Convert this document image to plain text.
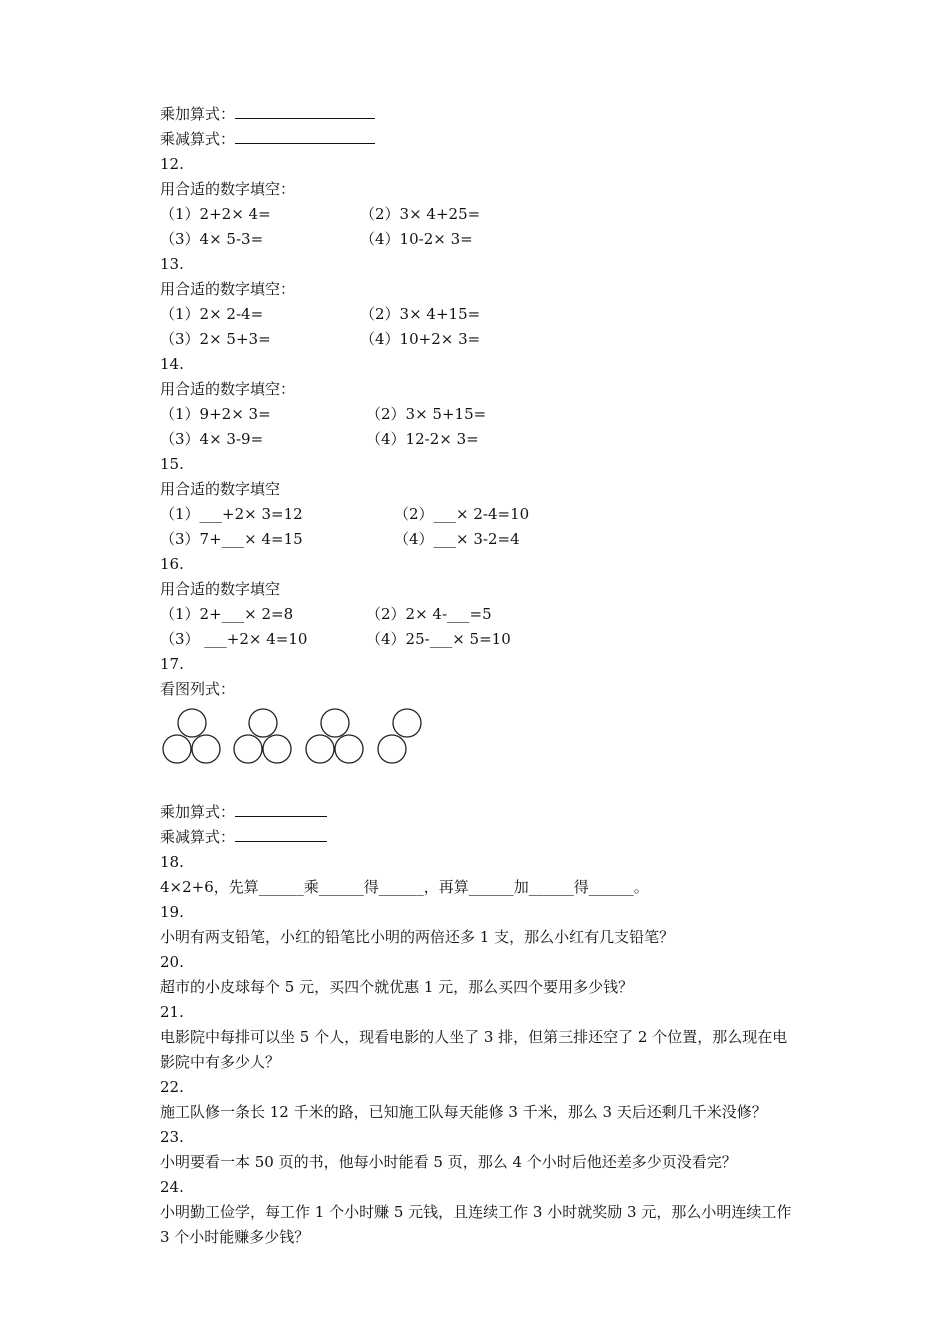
乘加算式：
乘减算式：
12.
用合适的数字填空：
（1）2+2× 4=	（2）3× 4+25=
（3）4× 5-3=	（4）10-2× 3=
13.
用合适的数字填空：
（1）2× 2-4=	（2）3× 4+15=
（3）2× 5+3=	（4）10+2× 3=
14.
用合适的数字填空：
（1）9+2× 3=	（2）3× 5+15=
（3）4× 3-9=	（4）12-2× 3=
15.
用合适的数字填空
（1）___+2× 3=12	（2）___× 2-4=10
（3）7+___× 4=15	（4）___× 3-2=4
16.
用合适的数字填空
（1）2+___× 2=8	（2）2× 4-___=5
（3） ___+2× 4=10	（4）25-___× 5=10
17.
看图列式：
乘加算式：
乘减算式：
18.
4×2+6，先算______乘______得______，再算______加______得______。
19.
小明有两支铅笔，小红的铅笔比小明的两倍还多 1 支，那么小红有几支铅笔？
20.
超市的小皮球每个 5 元，买四个就优惠 1 元，那么买四个要用多少钱？
21.
电影院中每排可以坐 5 个人，现看电影的人坐了 3 排，但第三排还空了 2 个位置，那么现在电影院中有多少人？
22.
施工队修一条长 12 千米的路，已知施工队每天能修 3 千米，那么 3 天后还剩几千米没修？
23.
小明要看一本 50 页的书，他每小时能看 5 页，那么 4 个小时后他还差多少页没看完？
24.
小明勤工俭学，每工作 1 个小时赚 5 元钱，且连续工作 3 小时就奖励 3 元，那么小明连续工作 3 个小时能赚多少钱？
